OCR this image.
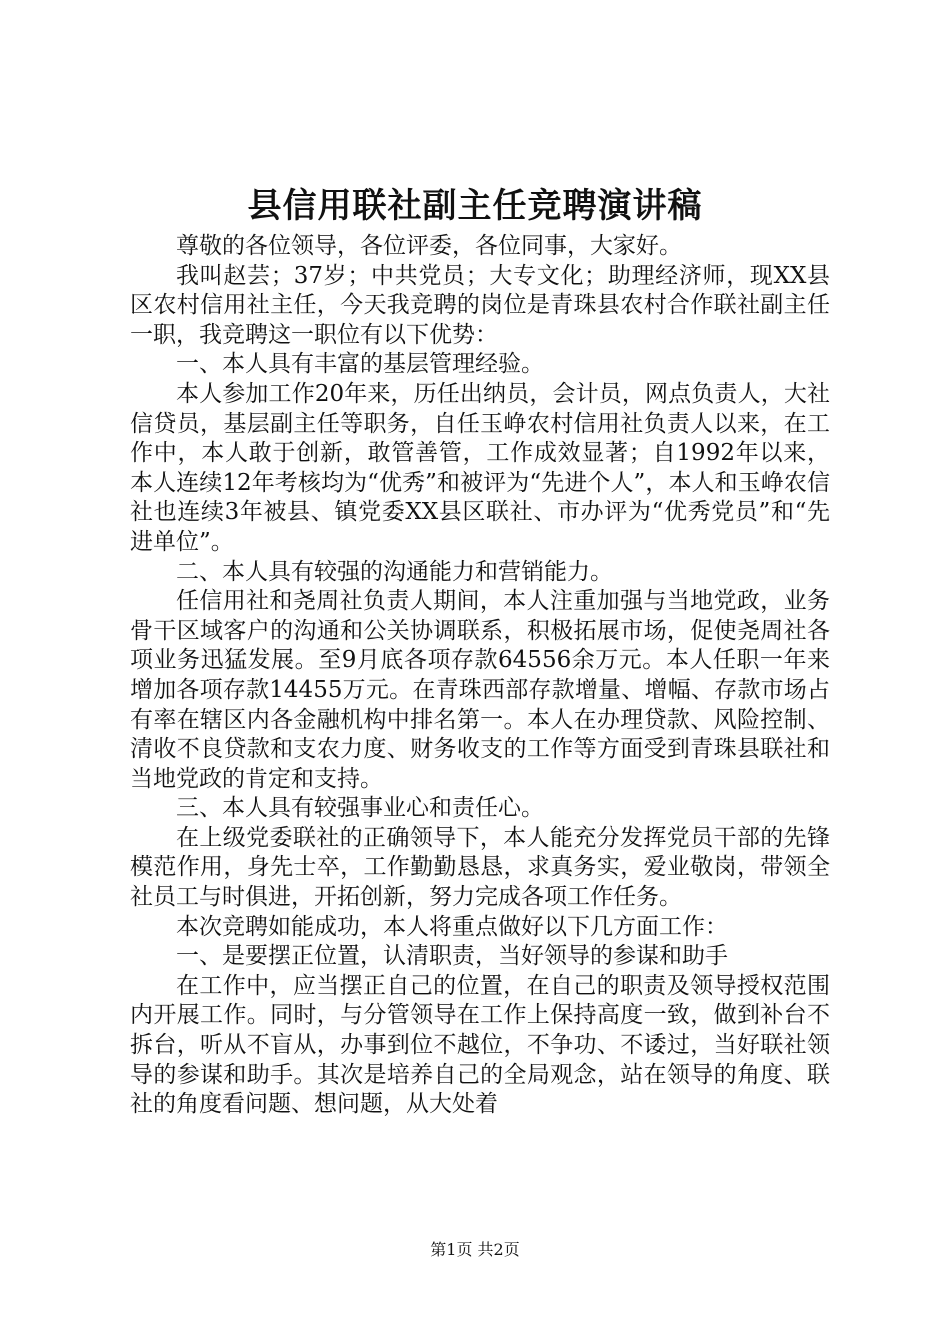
县信用联社副主任竞聘演讲稿

尊敬的各位领导，各位评委，各位同事，大家好。

我叫赵芸；37岁；中共党员；大专文化；助理经济师，现XX县区农村信用社主任，今天我竞聘的岗位是青珠县农村合作联社副主任一职，我竞聘这一职位有以下优势：

一、本人具有丰富的基层管理经验。

本人参加工作20年来，历任出纳员，会计员，网点负责人，大社信贷员，基层副主任等职务，自任玉峥农村信用社负责人以来，在工作中，本人敢于创新，敢管善管，工作成效显著；自1992年以来，本人连续12年考核均为“优秀”和被评为“先进个人”，本人和玉峥农信社也连续3年被县、镇党委XX县区联社、市办评为“优秀党员”和“先进单位”。

二、本人具有较强的沟通能力和营销能力。

任信用社和尧周社负责人期间，本人注重加强与当地党政，业务骨干区域客户的沟通和公关协调联系，积极拓展市场，促使尧周社各项业务迅猛发展。至9月底各项存款64556余万元。本人任职一年来增加各项存款14455万元。在青珠西部存款增量、增幅、存款市场占有率在辖区内各金融机构中排名第一。本人在办理贷款、风险控制、清收不良贷款和支农力度、财务收支的工作等方面受到青珠县联社和当地党政的肯定和支持。

三、本人具有较强事业心和责任心。

在上级党委联社的正确领导下，本人能充分发挥党员干部的先锋模范作用，身先士卒，工作勤勤恳恳，求真务实，爱业敬岗，带领全社员工与时俱进，开拓创新，努力完成各项工作任务。

本次竞聘如能成功，本人将重点做好以下几方面工作：

一、是要摆正位置，认清职责，当好领导的参谋和助手

在工作中，应当摆正自己的位置，在自己的职责及领导授权范围内开展工作。同时，与分管领导在工作上保持高度一致，做到补台不拆台，听从不盲从，办事到位不越位，不争功、不诿过，当好联社领导的参谋和助手。其次是培养自己的全局观念，站在领导的角度、联社的角度看问题、想问题，从大处着

第1页 共2页
